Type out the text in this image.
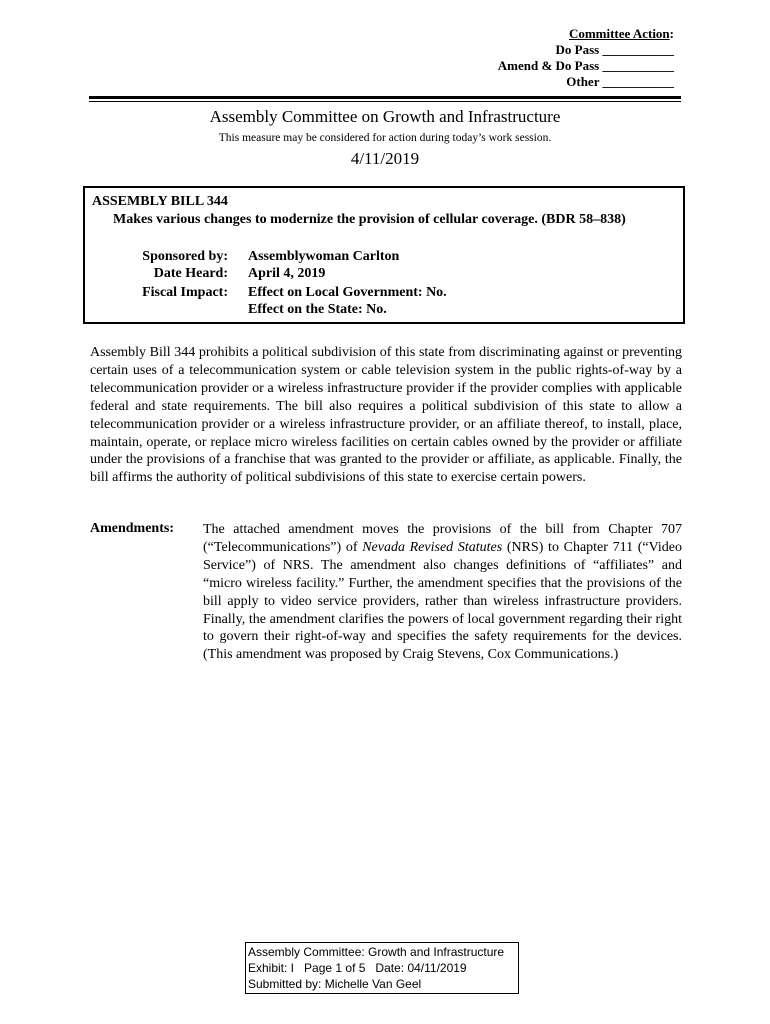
Committee Action:
Do Pass ___________
Amend & Do Pass ___________
Other ___________
Assembly Committee on Growth and Infrastructure
This measure may be considered for action during today’s work session.
4/11/2019
ASSEMBLY BILL 344
Makes various changes to modernize the provision of cellular coverage. (BDR 58–838)
Sponsored by: Assemblywoman Carlton
Date Heard: April 4, 2019
Fiscal Impact: Effect on Local Government: No.
Effect on the State: No.
Assembly Bill 344 prohibits a political subdivision of this state from discriminating against or preventing certain uses of a telecommunication system or cable television system in the public rights-of-way by a telecommunication provider or a wireless infrastructure provider if the provider complies with applicable federal and state requirements. The bill also requires a political subdivision of this state to allow a telecommunication provider or a wireless infrastructure provider, or an affiliate thereof, to install, place, maintain, operate, or replace micro wireless facilities on certain cables owned by the provider or affiliate under the provisions of a franchise that was granted to the provider or affiliate, as applicable. Finally, the bill affirms the authority of political subdivisions of this state to exercise certain powers.
Amendments: The attached amendment moves the provisions of the bill from Chapter 707 (“Telecommunications”) of Nevada Revised Statutes (NRS) to Chapter 711 (“Video Service”) of NRS. The amendment also changes definitions of “affiliates” and “micro wireless facility.” Further, the amendment specifies that the provisions of the bill apply to video service providers, rather than wireless infrastructure providers. Finally, the amendment clarifies the powers of local government regarding their right to govern their right-of-way and specifies the safety requirements for the devices. (This amendment was proposed by Craig Stevens, Cox Communications.)
Assembly Committee: Growth and Infrastructure
Exhibit: I Page 1 of 5 Date: 04/11/2019
Submitted by: Michelle Van Geel
